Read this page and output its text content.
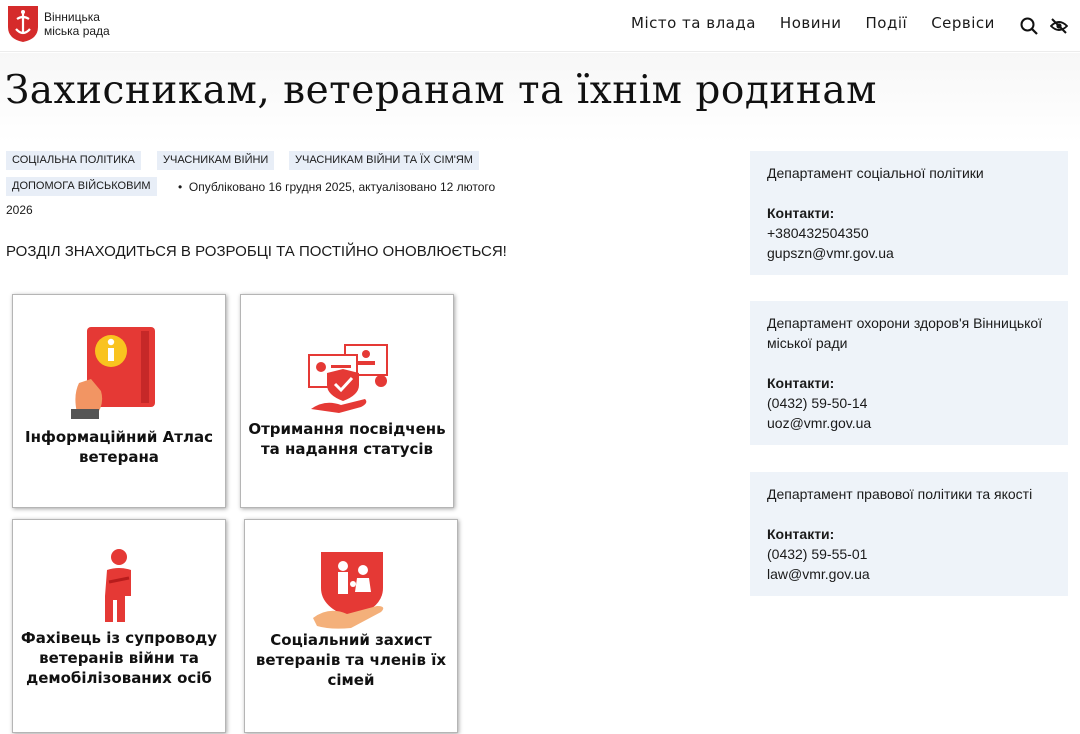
Вінницька
міська рада	Місто та влада Новини Події Сервіси
Захисникам, ветеранам та їхнім родинам
СОЦІАЛЬНА ПОЛІТИКА	УЧАСНИКАМ ВІЙНИ	УЧАСНИКАМ ВІЙНИ ТА ЇХ СІМ'ЯМ
ДОПОМОГА ВІЙСЬКОВИМ	• Опубліковано 16 грудня 2025, актуалізовано 12 лютого
2026
РОЗДІЛ ЗНАХОДИТЬСЯ В РОЗРОБЦІ ТА ПОСТІЙНО ОНОВЛЮЄТЬСЯ!
Інформаційний Атлас ветерана
Отримання посвідчень та надання статусів
Фахівець із супроводу ветеранів війни та демобілізованих осіб
Соціальний захист ветеранів та членів їх сімей
Департамент соціальної політики
Контакти:
+380432504350
gupszn@vmr.gov.ua
Департамент охорони здоров'я Вінницької міської ради
Контакти:
(0432) 59-50-14
uoz@vmr.gov.ua
Департамент правової політики та якості
Контакти:
(0432) 59-55-01
law@vmr.gov.ua
